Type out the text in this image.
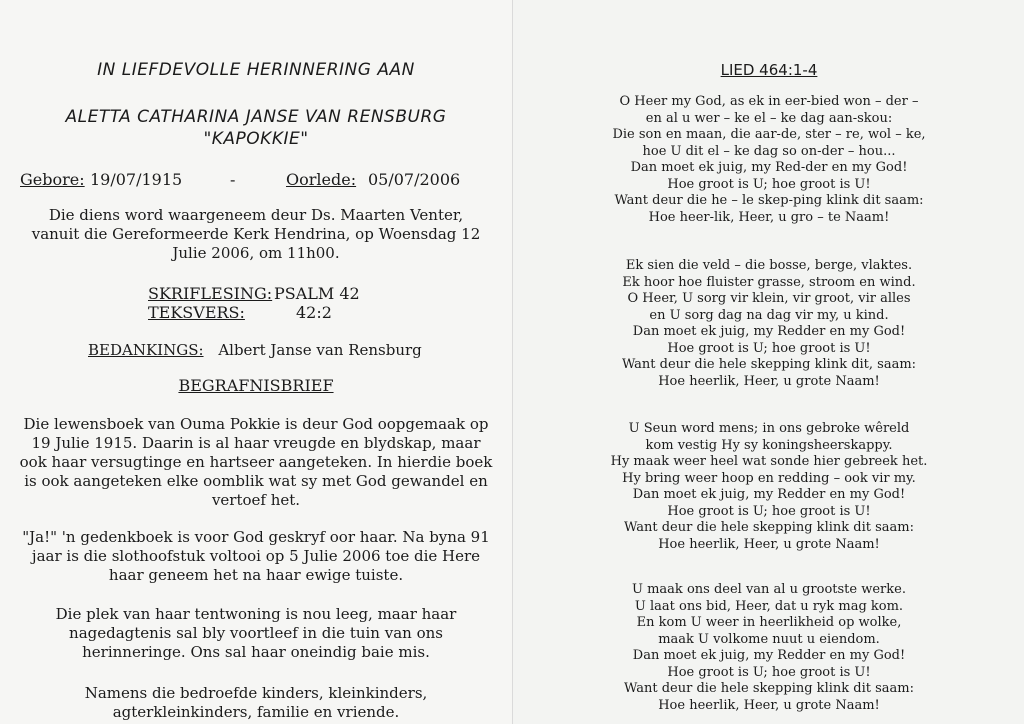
IN LIEFDEVOLLE HERINNERING AAN
ALETTA CATHARINA JANSE VAN RENSBURG
"KAPOKKIE"
Gebore: 19/07/1915	-	Oorlede: 05/07/2006
Die diens word waargeneem deur Ds. Maarten Venter, vanuit die Gereformeerde Kerk Hendrina, op Woensdag 12 Julie 2006, om 11h00.
SKRIFLESING: PSALM 42
TEKSVERS:	42:2
BEDANKINGS: Albert Janse van Rensburg
BEGRAFNISBRIEF
Die lewensboek van Ouma Pokkie is deur God oopgemaak op 19 Julie 1915. Daarin is al haar vreugde en blydskap, maar ook haar versugtinge en hartseer aangeteken. In hierdie boek is ook aangeteken elke oomblik wat sy met God gewandel en vertoef het.
"Ja!" 'n gedenkboek is voor God geskryf oor haar. Na byna 91 jaar is die slothoofstuk voltooi op 5 Julie 2006 toe die Here haar geneem het na haar ewige tuiste.
Die plek van haar tentwoning is nou leeg, maar haar nagedagtenis sal bly voortleef in die tuin van ons herinneringe. Ons sal haar oneindig baie mis.
Namens die bedroefde kinders, kleinkinders, agterkleinkinders, familie en vriende.
LIED 464:1-4
O Heer my God, as ek in eer-bied won – der –
en al u wer – ke el – ke dag aan-skou:
Die son en maan, die aar-de, ster – re, wol – ke,
hoe U dit el – ke dag so on-der – hou...
Dan moet ek juig, my Red-der en my God!
Hoe groot is U; hoe groot is U!
Want deur die he – le skep-ping klink dit saam:
Hoe heer-lik, Heer, u gro – te Naam!
Ek sien die veld – die bosse, berge, vlaktes.
Ek hoor hoe fluister grasse, stroom en wind.
O Heer, U sorg vir klein, vir groot, vir alles
en U sorg dag na dag vir my, u kind.
Dan moet ek juig, my Redder en my God!
Hoe groot is U; hoe groot is U!
Want deur die hele skepping klink dit, saam:
Hoe heerlik, Heer, u grote Naam!
U Seun word mens; in ons gebroke wêreld
kom vestig Hy sy koningsheerskappy.
Hy maak weer heel wat sonde hier gebreek het.
Hy bring weer hoop en redding – ook vir my.
Dan moet ek juig, my Redder en my God!
Hoe groot is U; hoe groot is U!
Want deur die hele skepping klink dit saam:
Hoe heerlik, Heer, u grote Naam!
U maak ons deel van al u grootste werke.
U laat ons bid, Heer, dat u ryk mag kom.
En kom U weer in heerlikheid op wolke,
maak U volkome nuut u eiendom.
Dan moet ek juig, my Redder en my God!
Hoe groot is U; hoe groot is U!
Want deur die hele skepping klink dit saam:
Hoe heerlik, Heer, u grote Naam!
